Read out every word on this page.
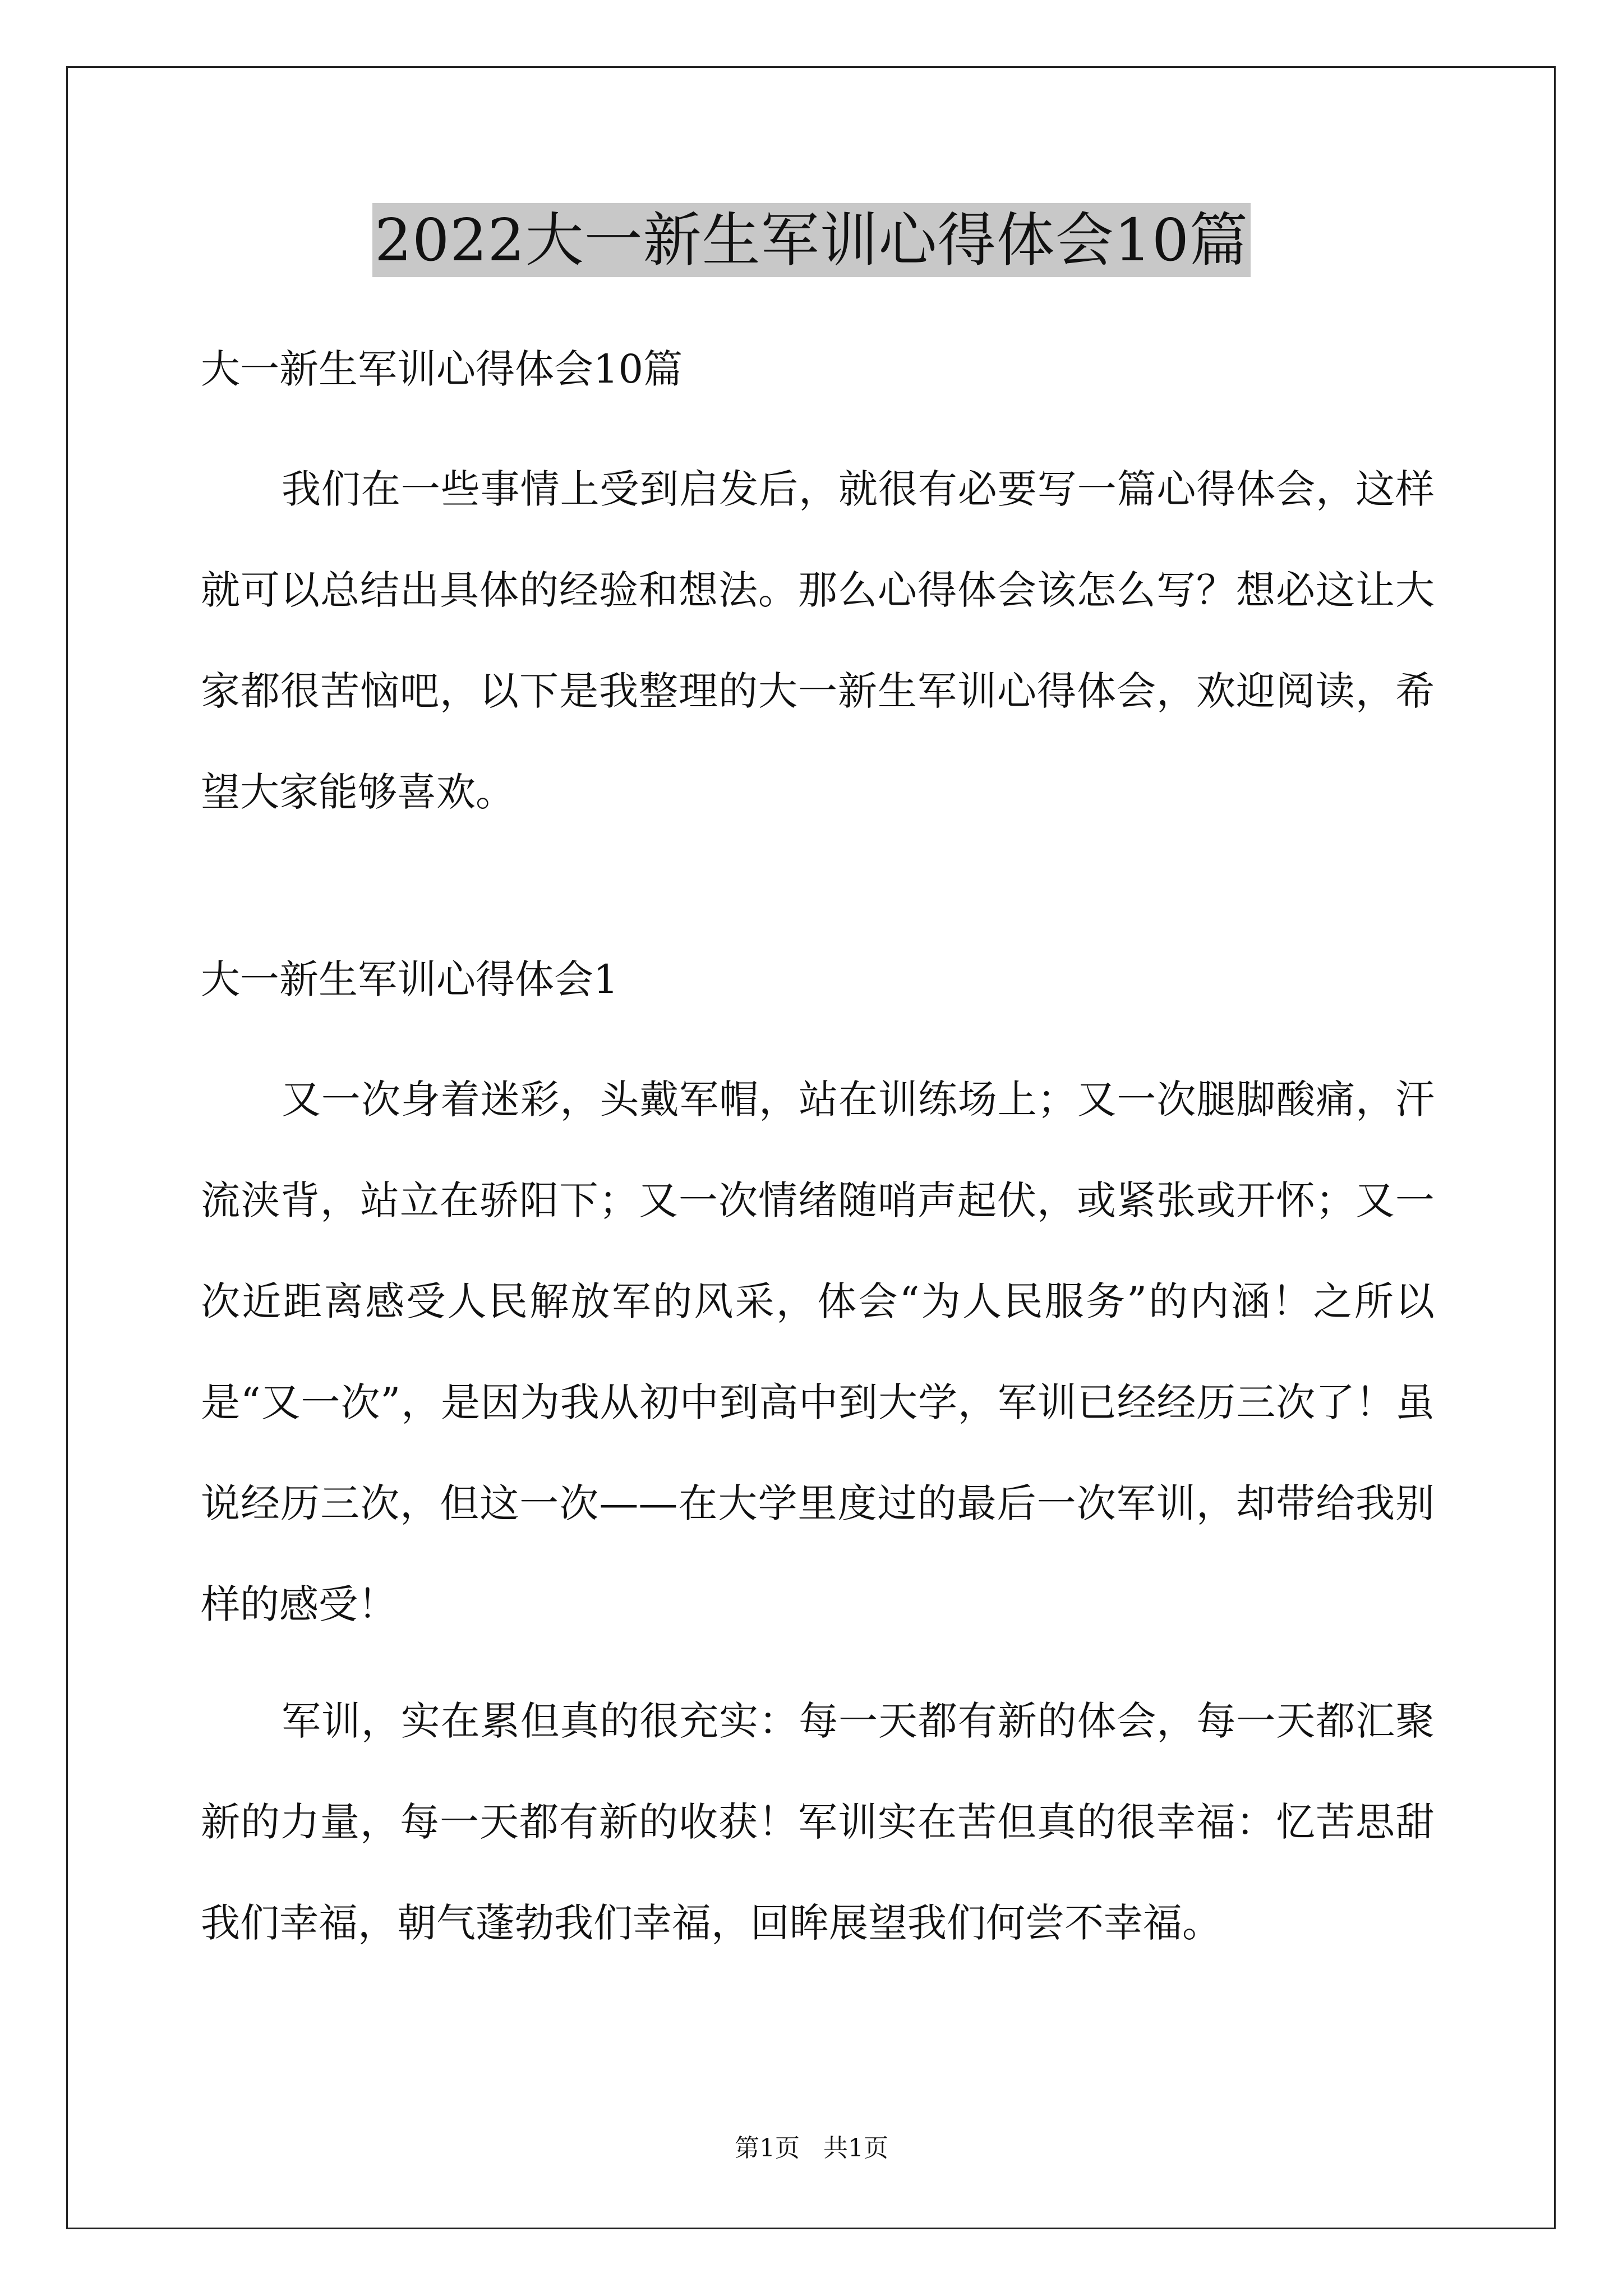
2022大一新生军训心得体会10篇

大一新生军训心得体会10篇

我们在一些事情上受到启发后，就很有必要写一篇心得体会，这样就可以总结出具体的经验和想法。那么心得体会该怎么写？想必这让大家都很苦恼吧，以下是我整理的大一新生军训心得体会，欢迎阅读，希望大家能够喜欢。

大一新生军训心得体会1

又一次身着迷彩，头戴军帽，站在训练场上；又一次腿脚酸痛，汗流浃背，站立在骄阳下；又一次情绪随哨声起伏，或紧张或开怀；又一次近距离感受人民解放军的风采，体会“为人民服务”的内涵！之所以是“又一次”，是因为我从初中到高中到大学，军训已经经历三次了！虽说经历三次，但这一次——在大学里度过的最后一次军训，却带给我别样的感受！

军训，实在累但真的很充实：每一天都有新的体会，每一天都汇聚新的力量，每一天都有新的收获！军训实在苦但真的很幸福：忆苦思甜我们幸福，朝气蓬勃我们幸福，回眸展望我们何尝不幸福。

第1页 共1页
